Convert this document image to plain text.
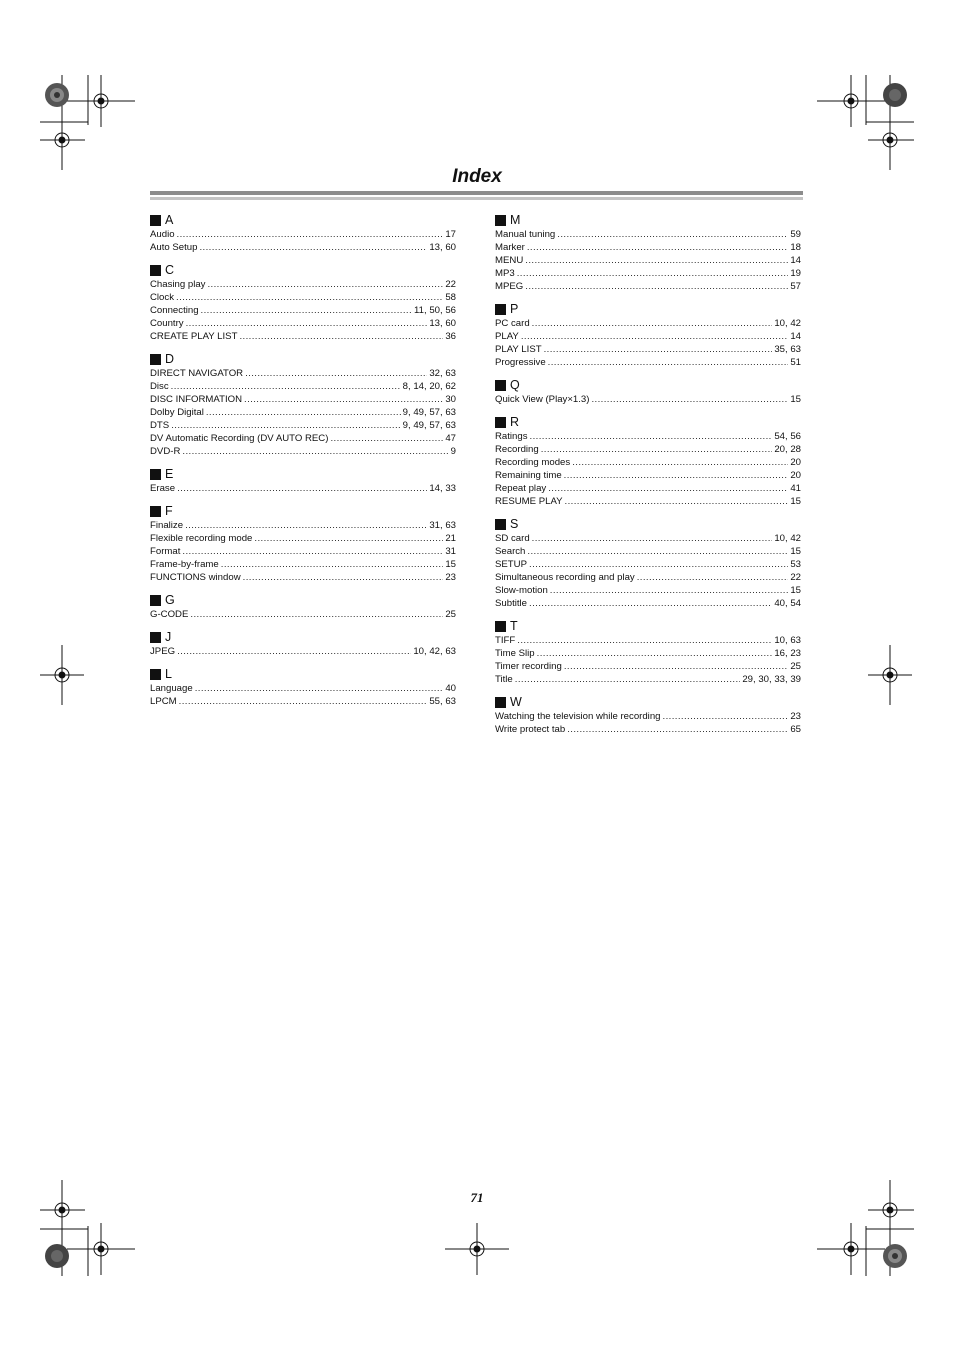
Index
A
Audio .....	17
Auto Setup .....	13, 60
C
Chasing play .....	22
Clock .....	58
Connecting .....	11, 50, 56
Country .....	13, 60
CREATE PLAY LIST .....	36
D
DIRECT NAVIGATOR .....	32, 63
Disc .....	8, 14, 20, 62
DISC INFORMATION .....	30
Dolby Digital .....	9, 49, 57, 63
DTS .....	9, 49, 57, 63
DV Automatic Recording (DV AUTO REC) .....	47
DVD-R .....	9
E
Erase .....	14, 33
F
Finalize .....	31, 63
Flexible recording mode .....	21
Format .....	31
Frame-by-frame .....	15
FUNCTIONS window .....	23
G
G-CODE .....	25
J
JPEG .....	10, 42, 63
L
Language .....	40
LPCM .....	55, 63
M
Manual tuning .....	59
Marker .....	18
MENU .....	14
MP3 .....	19
MPEG .....	57
P
PC card .....	10, 42
PLAY .....	14
PLAY LIST .....	35, 63
Progressive .....	51
Q
Quick View (Play×1.3) .....	15
R
Ratings .....	54, 56
Recording .....	20, 28
Recording modes .....	20
Remaining time .....	20
Repeat play .....	41
RESUME PLAY .....	15
S
SD card .....	10, 42
Search .....	15
SETUP .....	53
Simultaneous recording and play .....	22
Slow-motion .....	15
Subtitle .....	40, 54
T
TIFF .....	10, 63
Time Slip .....	16, 23
Timer recording .....	25
Title .....	29, 30, 33, 39
W
Watching the television while recording .....	23
Write protect tab .....	65
71
